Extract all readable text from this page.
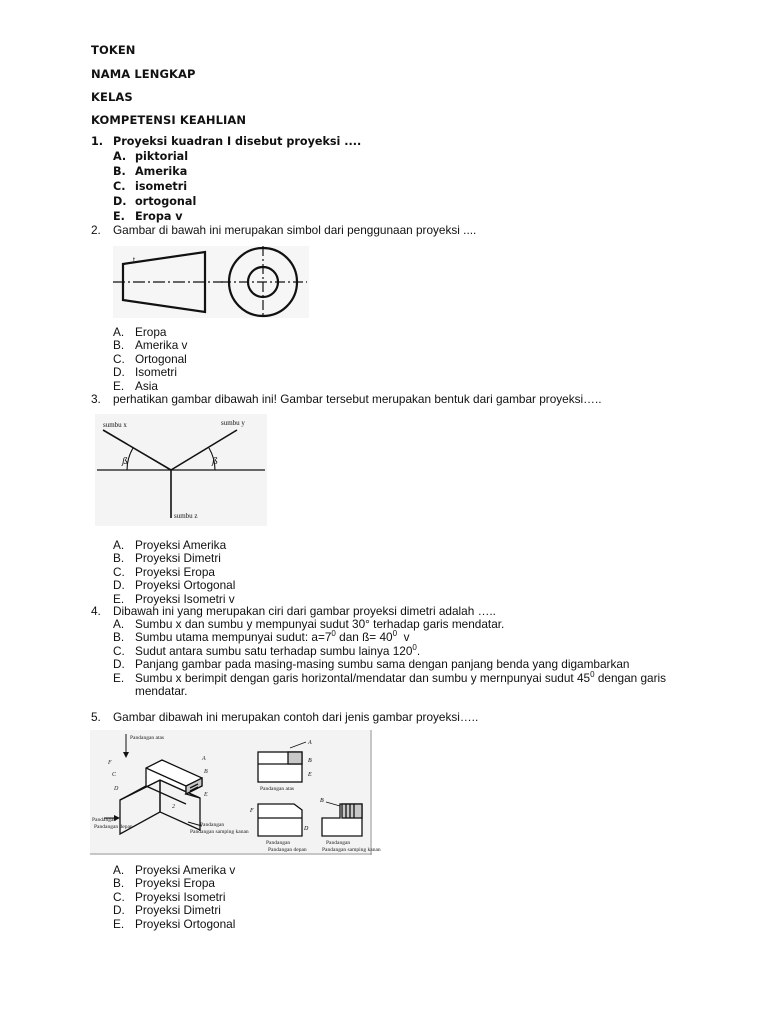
TOKEN
NAMA LENGKAP
KELAS
KOMPETENSI KEAHLIAN
1. Proyeksi kuadran I disebut proyeksi ....
A. piktorial
B. Amerika
C. isometri
D. ortogonal
E. Eropa v
2. Gambar di bawah ini merupakan simbol dari penggunaan proyeksi ....
t
A. Eropa
B. Amerika v
C. Ortogonal
D. Isometri
E. Asia
3. perhatikan gambar dibawah ini! Gambar tersebut merupakan bentuk dari gambar proyeksi…..
ß	ß
sumbu x	sumbu y
sumbu z
A. Proyeksi Amerika
B. Proyeksi Dimetri
C. Proyeksi Eropa
D. Proyeksi Ortogonal
E. Proyeksi Isometri v
4. Dibawah ini yang merupakan ciri dari gambar proyeksi dimetri adalah …..
A. Sumbu x dan sumbu y mempunyai sudut 30° terhadap garis mendatar.
B. Sumbu utama mempunyai sudut: $a=7^0$ dan ß= $40^0$  v
C. Sudut antara sumbu satu terhadap sumbu lainya $120^0$.
D. Panjang gambar pada masing-masing sumbu sama dengan panjang benda yang digambarkan
E. Sumbu x berimpit dengan garis horizontal/mendatar dan sumbu y mernpunyai sudut $45^0$ dengan garis mendatar.
5. Gambar dibawah ini merupakan contoh dari jenis gambar proyeksi…..
Pandangan atas
Pandangan
Pandangan depan	Pandangan
Pandangan samping kanan
F
C
D
A
B
E
2
A
B
E
Pandangan atas
F
D
Pandangan
Pandangan depan
B
Pandangan
Pandangan samping kanan
A. Proyeksi Amerika v
B. Proyeksi Eropa
C. Proyeksi Isometri
D. Proyeksi Dimetri
E. Proyeksi Ortogonal
